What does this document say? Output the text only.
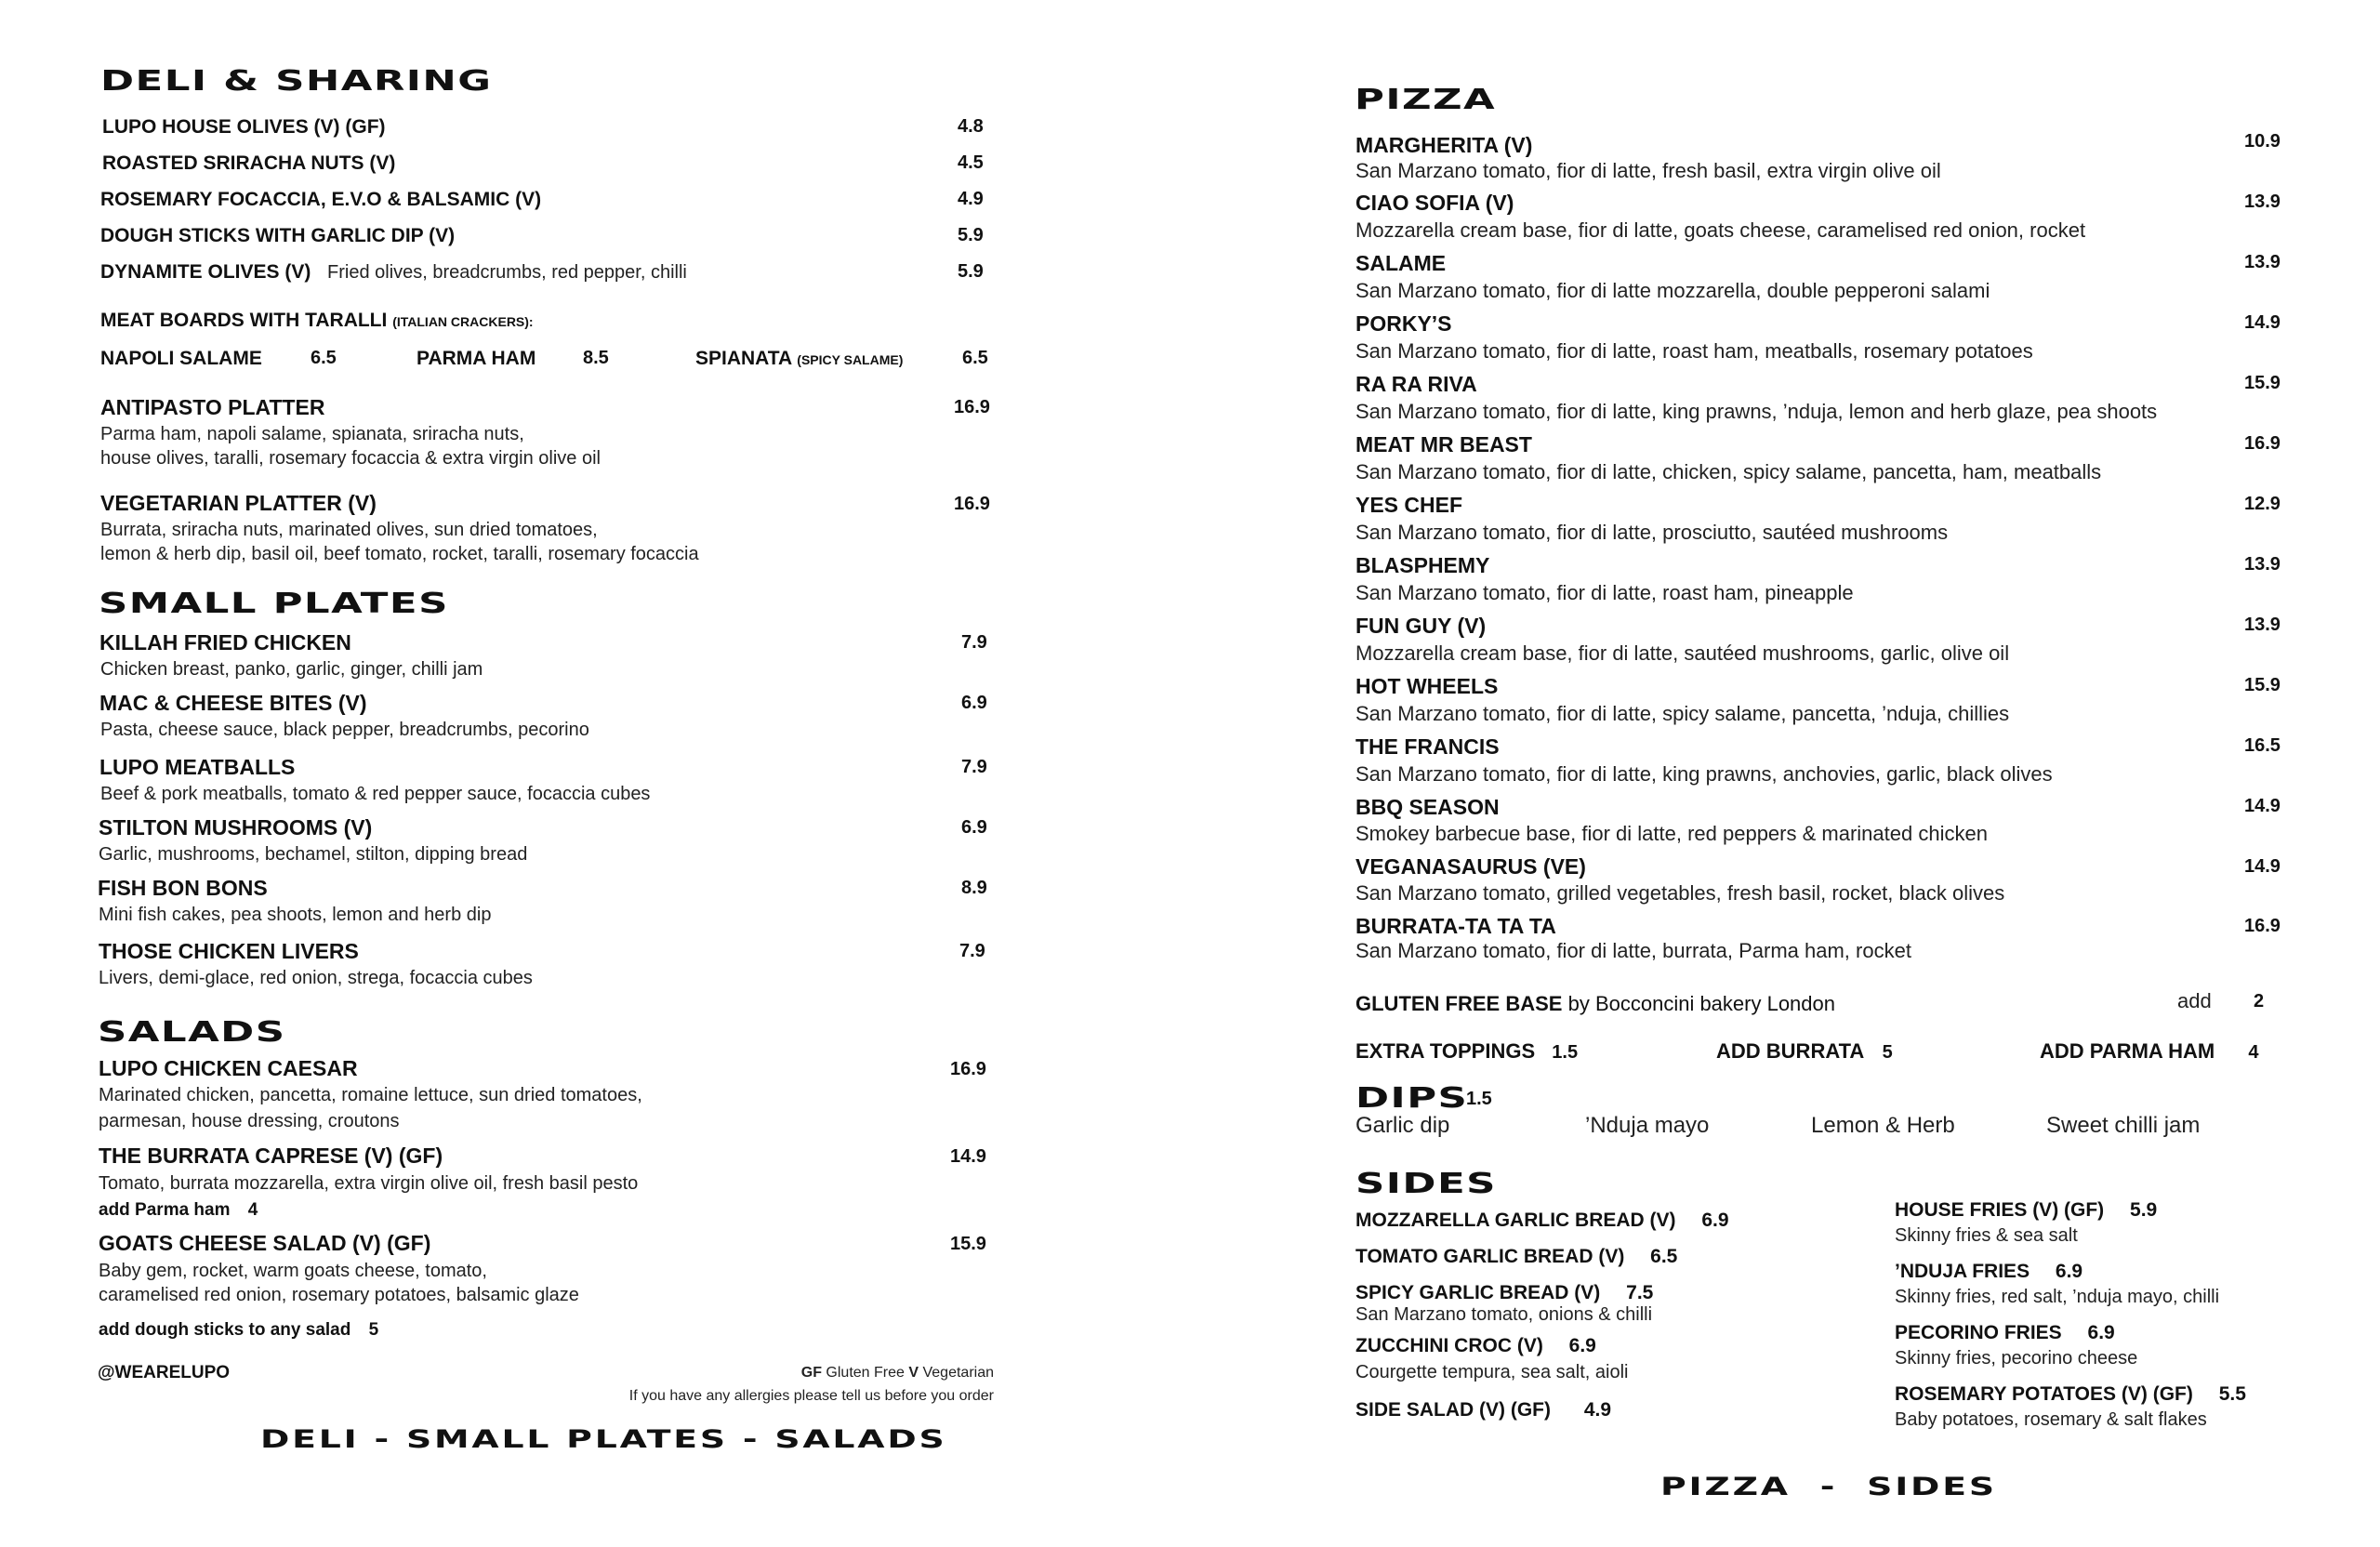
DELI & SHARING
LUPO HOUSE OLIVES (V) (GF)	4.8
ROASTED SRIRACHA NUTS (V)	4.5
ROSEMARY FOCACCIA, E.V.O & BALSAMIC (V)	4.9
DOUGH STICKS WITH GARLIC DIP (V)	5.9
DYNAMITE OLIVES (V) Fried olives, breadcrumbs, red pepper, chilli	5.9
MEAT BOARDS WITH TARALLI (ITALIAN CRACKERS):
NAPOLI SALAME	6.5	PARMA HAM	8.5	SPIANATA (SPICY SALAME)	6.5
ANTIPASTO PLATTER	16.9
Parma ham, napoli salame, spianata, sriracha nuts,
house olives, taralli, rosemary focaccia & extra virgin olive oil
VEGETARIAN PLATTER (V)	16.9
Burrata, sriracha nuts, marinated olives, sun dried tomatoes,
lemon & herb dip, basil oil, beef tomato, rocket, taralli, rosemary focaccia
SMALL PLATES
KILLAH FRIED CHICKEN	7.9
Chicken breast, panko, garlic, ginger, chilli jam
MAC & CHEESE BITES (V)	6.9
Pasta, cheese sauce, black pepper, breadcrumbs, pecorino
LUPO MEATBALLS	7.9
Beef & pork meatballs, tomato & red pepper sauce, focaccia cubes
STILTON MUSHROOMS (V)	6.9
Garlic, mushrooms, bechamel, stilton, dipping bread
FISH BON BONS	8.9
Mini fish cakes, pea shoots, lemon and herb dip
THOSE CHICKEN LIVERS	7.9
Livers, demi-glace, red onion, strega, focaccia cubes
SALADS
LUPO CHICKEN CAESAR	16.9
Marinated chicken, pancetta, romaine lettuce, sun dried tomatoes,
parmesan, house dressing, croutons
THE BURRATA CAPRESE (V) (GF)	14.9
Tomato, burrata mozzarella, extra virgin olive oil, fresh basil pesto
add Parma ham 4
GOATS CHEESE SALAD (V) (GF)	15.9
Baby gem, rocket, warm goats cheese, tomato,
caramelised red onion, rosemary potatoes, balsamic glaze
add dough sticks to any salad 5
@WEARELUPO	GF Gluten Free V Vegetarian
If you have any allergies please tell us before you order
DELI - SMALL PLATES - SALADS
PIZZA
MARGHERITA (V)	10.9
San Marzano tomato, fior di latte, fresh basil, extra virgin olive oil
CIAO SOFIA (V)	13.9
Mozzarella cream base, fior di latte, goats cheese, caramelised red onion, rocket
SALAME	13.9
San Marzano tomato, fior di latte mozzarella, double pepperoni salami
PORKY’S	14.9
San Marzano tomato, fior di latte, roast ham, meatballs, rosemary potatoes
RA RA RIVA	15.9
San Marzano tomato, fior di latte, king prawns, ’nduja, lemon and herb glaze, pea shoots
MEAT MR BEAST	16.9
San Marzano tomato, fior di latte, chicken, spicy salame, pancetta, ham, meatballs
YES CHEF	12.9
San Marzano tomato, fior di latte, prosciutto, sautéed mushrooms
BLASPHEMY	13.9
San Marzano tomato, fior di latte, roast ham, pineapple
FUN GUY (V)	13.9
Mozzarella cream base, fior di latte, sautéed mushrooms, garlic, olive oil
HOT WHEELS	15.9
San Marzano tomato, fior di latte, spicy salame, pancetta, ’nduja, chillies
THE FRANCIS	16.5
San Marzano tomato, fior di latte, king prawns, anchovies, garlic, black olives
BBQ SEASON	14.9
Smokey barbecue base, fior di latte, red peppers & marinated chicken
VEGANASAURUS (VE)	14.9
San Marzano tomato, grilled vegetables, fresh basil, rocket, black olives
BURRATA-TA TA TA	16.9
San Marzano tomato, fior di latte, burrata, Parma ham, rocket
GLUTEN FREE BASE by Bocconcini bakery London	add 2
EXTRA TOPPINGS 1.5	ADD BURRATA 5	ADD PARMA HAM 4
DIPS
1.5
Garlic dip	’Nduja mayo	Lemon & Herb	Sweet chilli jam
SIDES
MOZZARELLA GARLIC BREAD (V) 6.9
TOMATO GARLIC BREAD (V) 6.5
SPICY GARLIC BREAD (V) 7.5
San Marzano tomato, onions & chilli
ZUCCHINI CROC (V) 6.9
Courgette tempura, sea salt, aioli
SIDE SALAD (V) (GF) 4.9
HOUSE FRIES (V) (GF) 5.9
Skinny fries & sea salt
’NDUJA FRIES 6.9
Skinny fries, red salt, ’nduja mayo, chilli
PECORINO FRIES 6.9
Skinny fries, pecorino cheese
ROSEMARY POTATOES (V) (GF) 5.5
Baby potatoes, rosemary & salt flakes
PIZZA  -  SIDES
